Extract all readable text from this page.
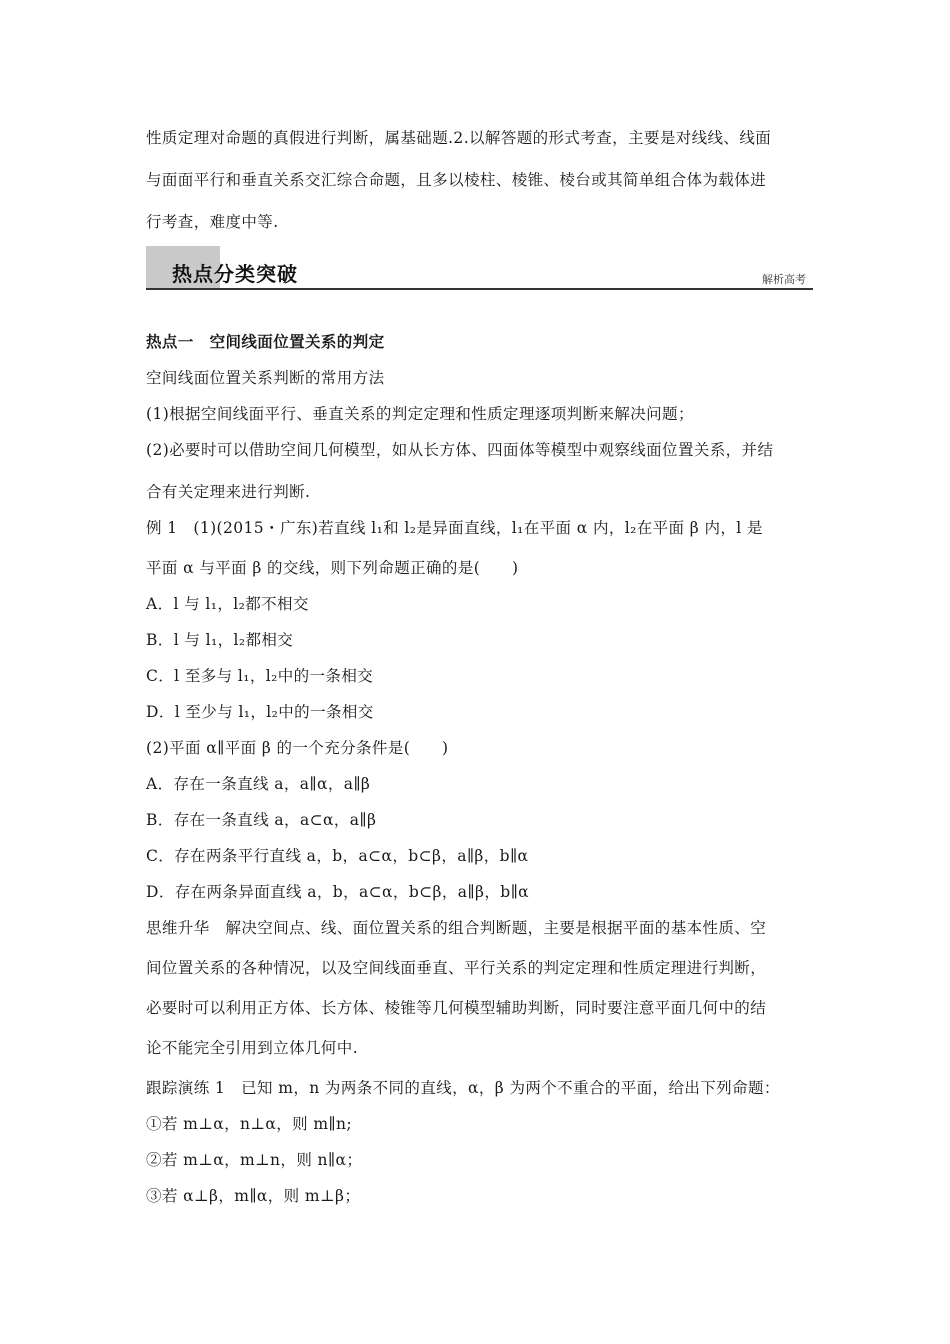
性质定理对命题的真假进行判断，属基础题.2.以解答题的形式考查，主要是对线线、线面
与面面平行和垂直关系交汇综合命题，且多以棱柱、棱锥、棱台或其简单组合体为载体进
行考查，难度中等.
热点分类突破	解析高考
热点一　空间线面位置关系的判定
空间线面位置关系判断的常用方法
(1)根据空间线面平行、垂直关系的判定定理和性质定理逐项判断来解决问题；
(2)必要时可以借助空间几何模型，如从长方体、四面体等模型中观察线面位置关系，并结
合有关定理来进行判断.
例 1　(1)(2015・广东)若直线 l₁和 l₂是异面直线，l₁在平面 α 内，l₂在平面 β 内，l 是
平面 α 与平面 β 的交线，则下列命题正确的是(　　)
A．l 与 l₁，l₂都不相交
B．l 与 l₁，l₂都相交
C．l 至多与 l₁，l₂中的一条相交
D．l 至少与 l₁，l₂中的一条相交
(2)平面 α∥平面 β 的一个充分条件是(　　)
A．存在一条直线 a，a∥α，a∥β
B．存在一条直线 a，a⊂α，a∥β
C．存在两条平行直线 a，b，a⊂α，b⊂β，a∥β，b∥α
D．存在两条异面直线 a，b，a⊂α，b⊂β，a∥β，b∥α
思维升华　解决空间点、线、面位置关系的组合判断题，主要是根据平面的基本性质、空
间位置关系的各种情况，以及空间线面垂直、平行关系的判定定理和性质定理进行判断，
必要时可以利用正方体、长方体、棱锥等几何模型辅助判断，同时要注意平面几何中的结
论不能完全引用到立体几何中.
跟踪演练 1　已知 m，n 为两条不同的直线，α，β 为两个不重合的平面，给出下列命题：
①若 m⊥α，n⊥α，则 m∥n;
②若 m⊥α，m⊥n，则 n∥α；
③若 α⊥β，m∥α，则 m⊥β；
